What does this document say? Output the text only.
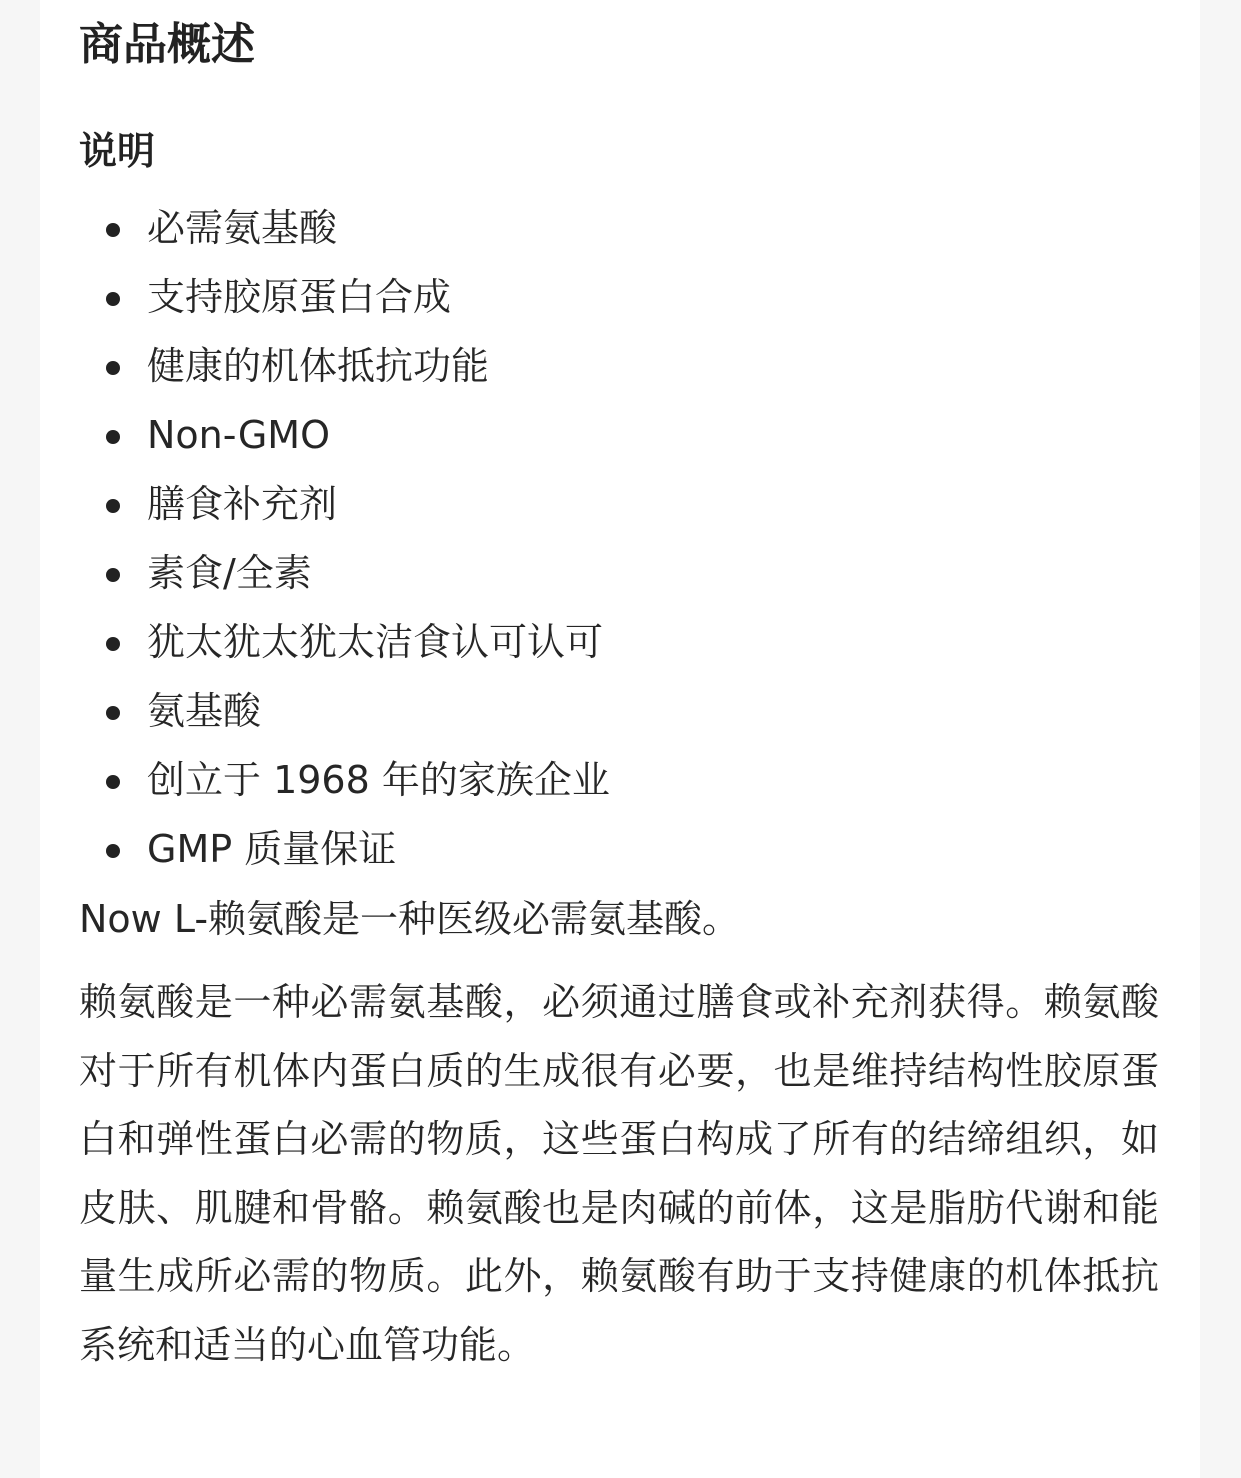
商品概述
说明
必需氨基酸
支持胶原蛋白合成
健康的机体抵抗功能
Non-GMO
膳食补充剂
素食/全素
犹太犹太犹太洁食认可认可
氨基酸
创立于 1968 年的家族企业
GMP 质量保证

Now L-赖氨酸是一种医级必需氨基酸。

赖氨酸是一种必需氨基酸，必须通过膳食或补充剂获得。赖氨酸对于所有机体内蛋白质的生成很有必要，也是维持结构性胶原蛋白和弹性蛋白必需的物质，这些蛋白构成了所有的结缔组织，如皮肤、肌腱和骨骼。赖氨酸也是肉碱的前体，这是脂肪代谢和能量生成所必需的物质。此外，赖氨酸有助于支持健康的机体抵抗系统和适当的心血管功能。
